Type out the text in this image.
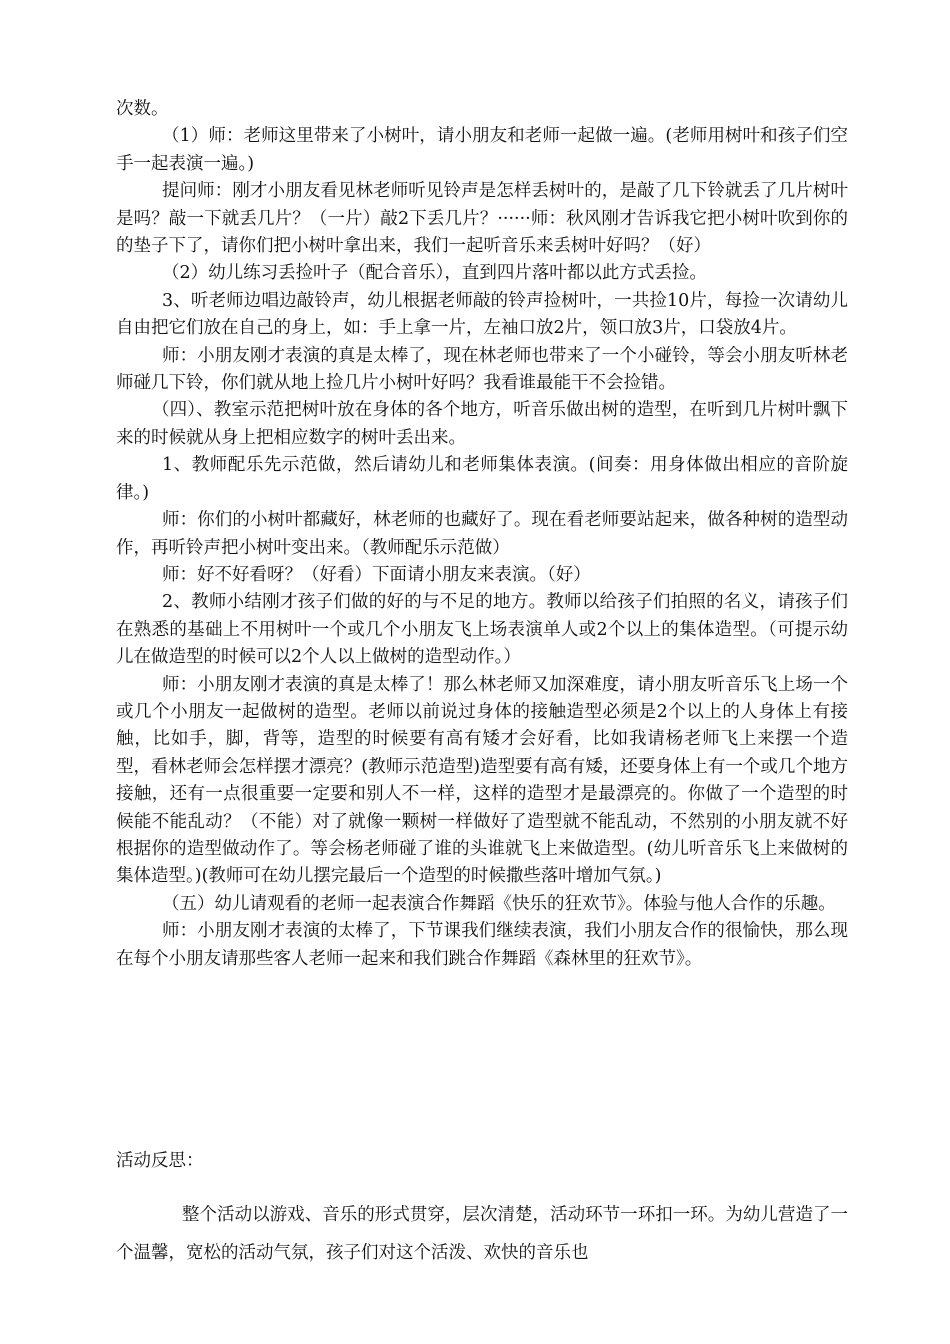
次数。

（1）师：老师这里带来了小树叶，请小朋友和老师一起做一遍。(老师用树叶和孩子们空手一起表演一遍。)

提问师：刚才小朋友看见林老师听见铃声是怎样丢树叶的，是敲了几下铃就丢了几片树叶是吗？敲一下就丢几片？（一片）敲2下丢几片？······师：秋风刚才告诉我它把小树叶吹到你的的垫子下了，请你们把小树叶拿出来，我们一起听音乐来丢树叶好吗？（好）

（2）幼儿练习丢捡叶子（配合音乐），直到四片落叶都以此方式丢捡。

3、听老师边唱边敲铃声，幼儿根据老师敲的铃声捡树叶，一共捡10片，每捡一次请幼儿自由把它们放在自己的身上，如：手上拿一片，左袖口放2片，领口放3片，口袋放4片。

师：小朋友刚才表演的真是太棒了，现在林老师也带来了一个小碰铃，等会小朋友听林老师碰几下铃，你们就从地上捡几片小树叶好吗？我看谁最能干不会捡错。

（四）、教室示范把树叶放在身体的各个地方，听音乐做出树的造型，在听到几片树叶飘下来的时候就从身上把相应数字的树叶丢出来。

1、教师配乐先示范做，然后请幼儿和老师集体表演。(间奏：用身体做出相应的音阶旋律。)

师：你们的小树叶都藏好，林老师的也藏好了。现在看老师要站起来，做各种树的造型动作，再听铃声把小树叶变出来。（教师配乐示范做）

师：好不好看呀？（好看）下面请小朋友来表演。（好）

2、教师小结刚才孩子们做的好的与不足的地方。教师以给孩子们拍照的名义，请孩子们在熟悉的基础上不用树叶一个或几个小朋友飞上场表演单人或2个以上的集体造型。（可提示幼儿在做造型的时候可以2个人以上做树的造型动作。）

师：小朋友刚才表演的真是太棒了！那么林老师又加深难度，请小朋友听音乐飞上场一个或几个小朋友一起做树的造型。老师以前说过身体的接触造型必须是2个以上的人身体上有接触，比如手，脚，背等，造型的时候要有高有矮才会好看，比如我请杨老师飞上来摆一个造型，看林老师会怎样摆才漂亮？(教师示范造型)造型要有高有矮，还要身体上有一个或几个地方接触，还有一点很重要一定要和别人不一样，这样的造型才是最漂亮的。你做了一个造型的时候能不能乱动？（不能）对了就像一颗树一样做好了造型就不能乱动，不然别的小朋友就不好根据你的造型做动作了。等会杨老师碰了谁的头谁就飞上来做造型。(幼儿听音乐飞上来做树的集体造型。)(教师可在幼儿摆完最后一个造型的时候撒些落叶增加气氛。)

（五）幼儿请观看的老师一起表演合作舞蹈《快乐的狂欢节》。体验与他人合作的乐趣。

师：小朋友刚才表演的太棒了，下节课我们继续表演，我们小朋友合作的很愉快，那么现在每个小朋友请那些客人老师一起来和我们跳合作舞蹈《森林里的狂欢节》。

活动反思：

整个活动以游戏、音乐的形式贯穿，层次清楚，活动环节一环扣一环。为幼儿营造了一个温馨，宽松的活动气氛，孩子们对这个活泼、欢快的音乐也
